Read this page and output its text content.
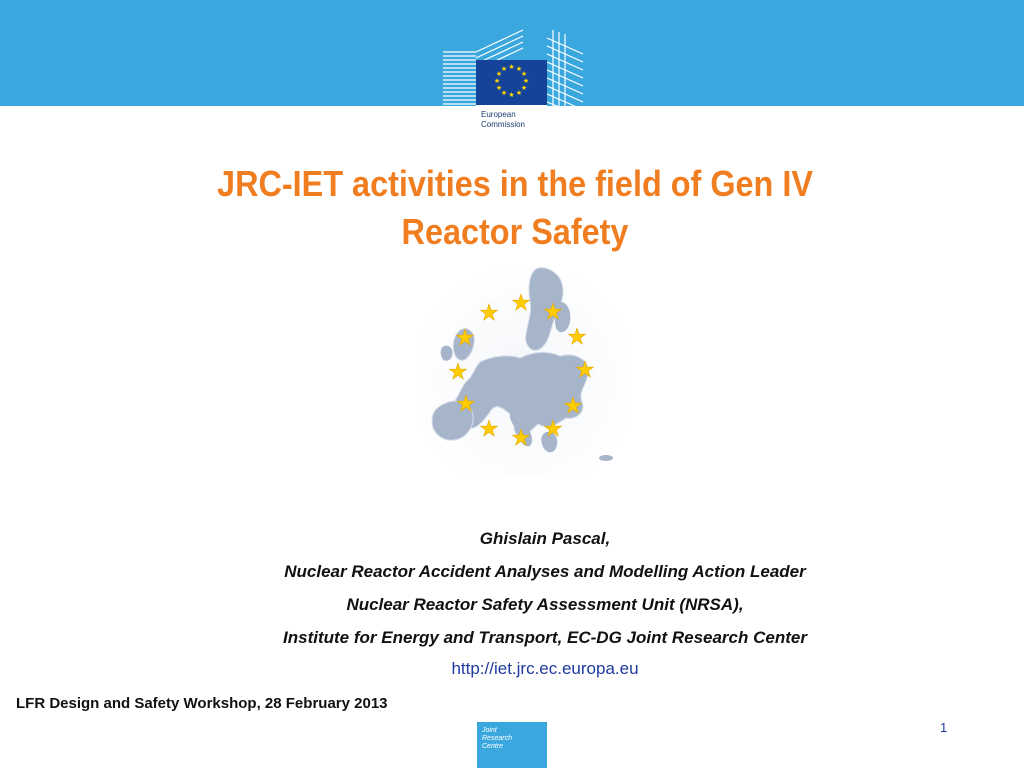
★ ★
★
★
★
★
★
★
★
★
★
★
European
Commission
JRC-IET activities in the field of Gen IV
Reactor Safety
★ ★
★
★
★
★
★
★
★
★
★
★
Ghislain Pascal,
Nuclear Reactor Accident Analyses and Modelling Action Leader
Nuclear Reactor Safety Assessment Unit (NRSA),
Institute for Energy and Transport, EC-DG Joint Research Center
http://iet.jrc.ec.europa.eu
LFR Design and Safety Workshop, 28 February 2013
Joint
Research
Centre
1
